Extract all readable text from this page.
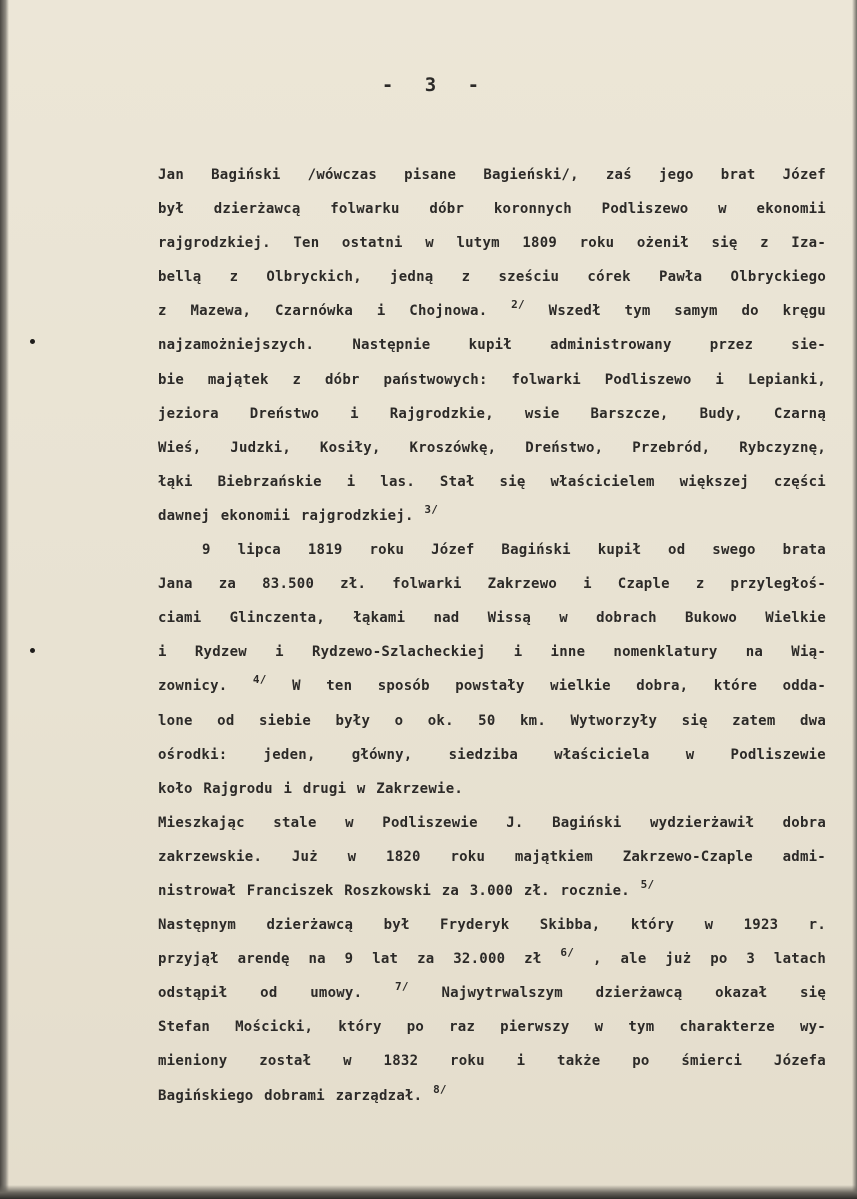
- 3 -
Jan Bagiński /wówczas pisane Bagieński/, zaś jego brat Józef
był dzierżawcą folwarku dóbr koronnych Podliszewo w ekonomii
rajgrodzkiej. Ten ostatni w lutym 1809 roku ożenił się z Iza-
bellą z Olbryckich, jedną z sześciu córek Pawła Olbryckiego
z Mazewa, Czarnówka i Chojnowa. $^{2/}$ Wszedł tym samym do kręgu
najzamożniejszych. Następnie kupił administrowany przez sie-
bie majątek z dóbr państwowych: folwarki Podliszewo i Lepianki,
jeziora Dreństwo i Rajgrodzkie, wsie Barszcze, Budy, Czarną
Wieś, Judzki, Kosiły, Kroszówkę, Dreństwo, Przebród, Rybczyznę,
łąki Biebrzańskie i las. Stał się właścicielem większej części
dawnej ekonomii rajgrodzkiej. $^{3/}$
9 lipca 1819 roku Józef Bagiński kupił od swego brata
Jana za 83.500 zł. folwarki Zakrzewo i Czaple z przyległoś-
ciami Glinczenta, łąkami nad Wissą w dobrach Bukowo Wielkie
i Rydzew i Rydzewo-Szlacheckiej i inne nomenklatury na Wią-
zownicy. $^{4/}$ W ten sposób powstały wielkie dobra, które odda-
lone od siebie były o ok. 50 km. Wytworzyły się zatem dwa
ośrodki: jeden, główny, siedziba właściciela w Podliszewie
koło Rajgrodu i drugi w Zakrzewie.
Mieszkając stale w Podliszewie J. Bagiński wydzierżawił dobra
zakrzewskie. Już w 1820 roku majątkiem Zakrzewo-Czaple admi-
nistrował Franciszek Roszkowski za 3.000 zł. rocznie. $^{5/}$
Następnym dzierżawcą był Fryderyk Skibba, który w 1923 r.
przyjął arendę na 9 lat za 32.000 zł $^{6/}$ , ale już po 3 latach
odstąpił od umowy.	$^{7/}$ Najwytrwalszym dzierżawcą okazał się
Stefan Mościcki, który po raz pierwszy w tym charakterze wy-
mieniony został w 1832 roku i także po śmierci Józefa
Bagińskiego dobrami zarządzał. $^{8/}$
